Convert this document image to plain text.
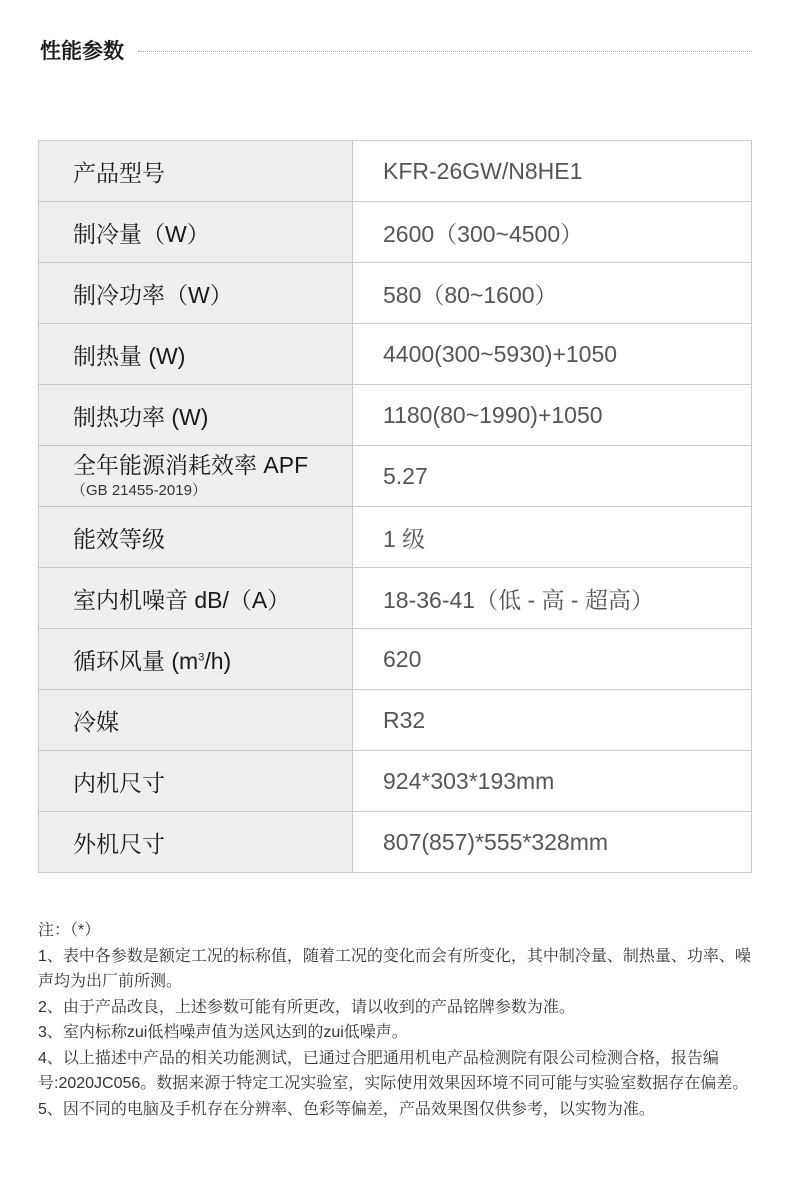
性能参数
产品型号	KFR-26GW/N8HE1
制冷量（W）	2600（300~4500）
制冷功率（W）	580（80~1600）
制热量 (W)	4400(300~5930)+1050
制热功率 (W)	1180(80~1990)+1050

全年能源消耗效率 APF
（GB 21455-2019）	5.27
能效等级	1 级
室内机噪音 dB/（A）	18-36-41（低 - 高 - 超高）
循环风量 $(m^3/h)$	620
冷媒	R32
内机尺寸	924*303*193mm
外机尺寸	807(857)*555*328mm

注：（*）

1、表中各参数是额定工况的标称值，随着工况的变化而会有所变化，其中制冷量、制热量、功率、噪声均为出厂前所测。

2、由于产品改良，上述参数可能有所更改，请以收到的产品铭牌参数为准。

3、室内标称zui低档噪声值为送风达到的zui低噪声。

4、以上描述中产品的相关功能测试，已通过合肥通用机电产品检测院有限公司检测合格，报告编号:2020JC056。数据来源于特定工况实验室，实际使用效果因环境不同可能与实验室数据存在偏差。

5、因不同的电脑及手机存在分辨率、色彩等偏差，产品效果图仅供参考，以实物为准。
